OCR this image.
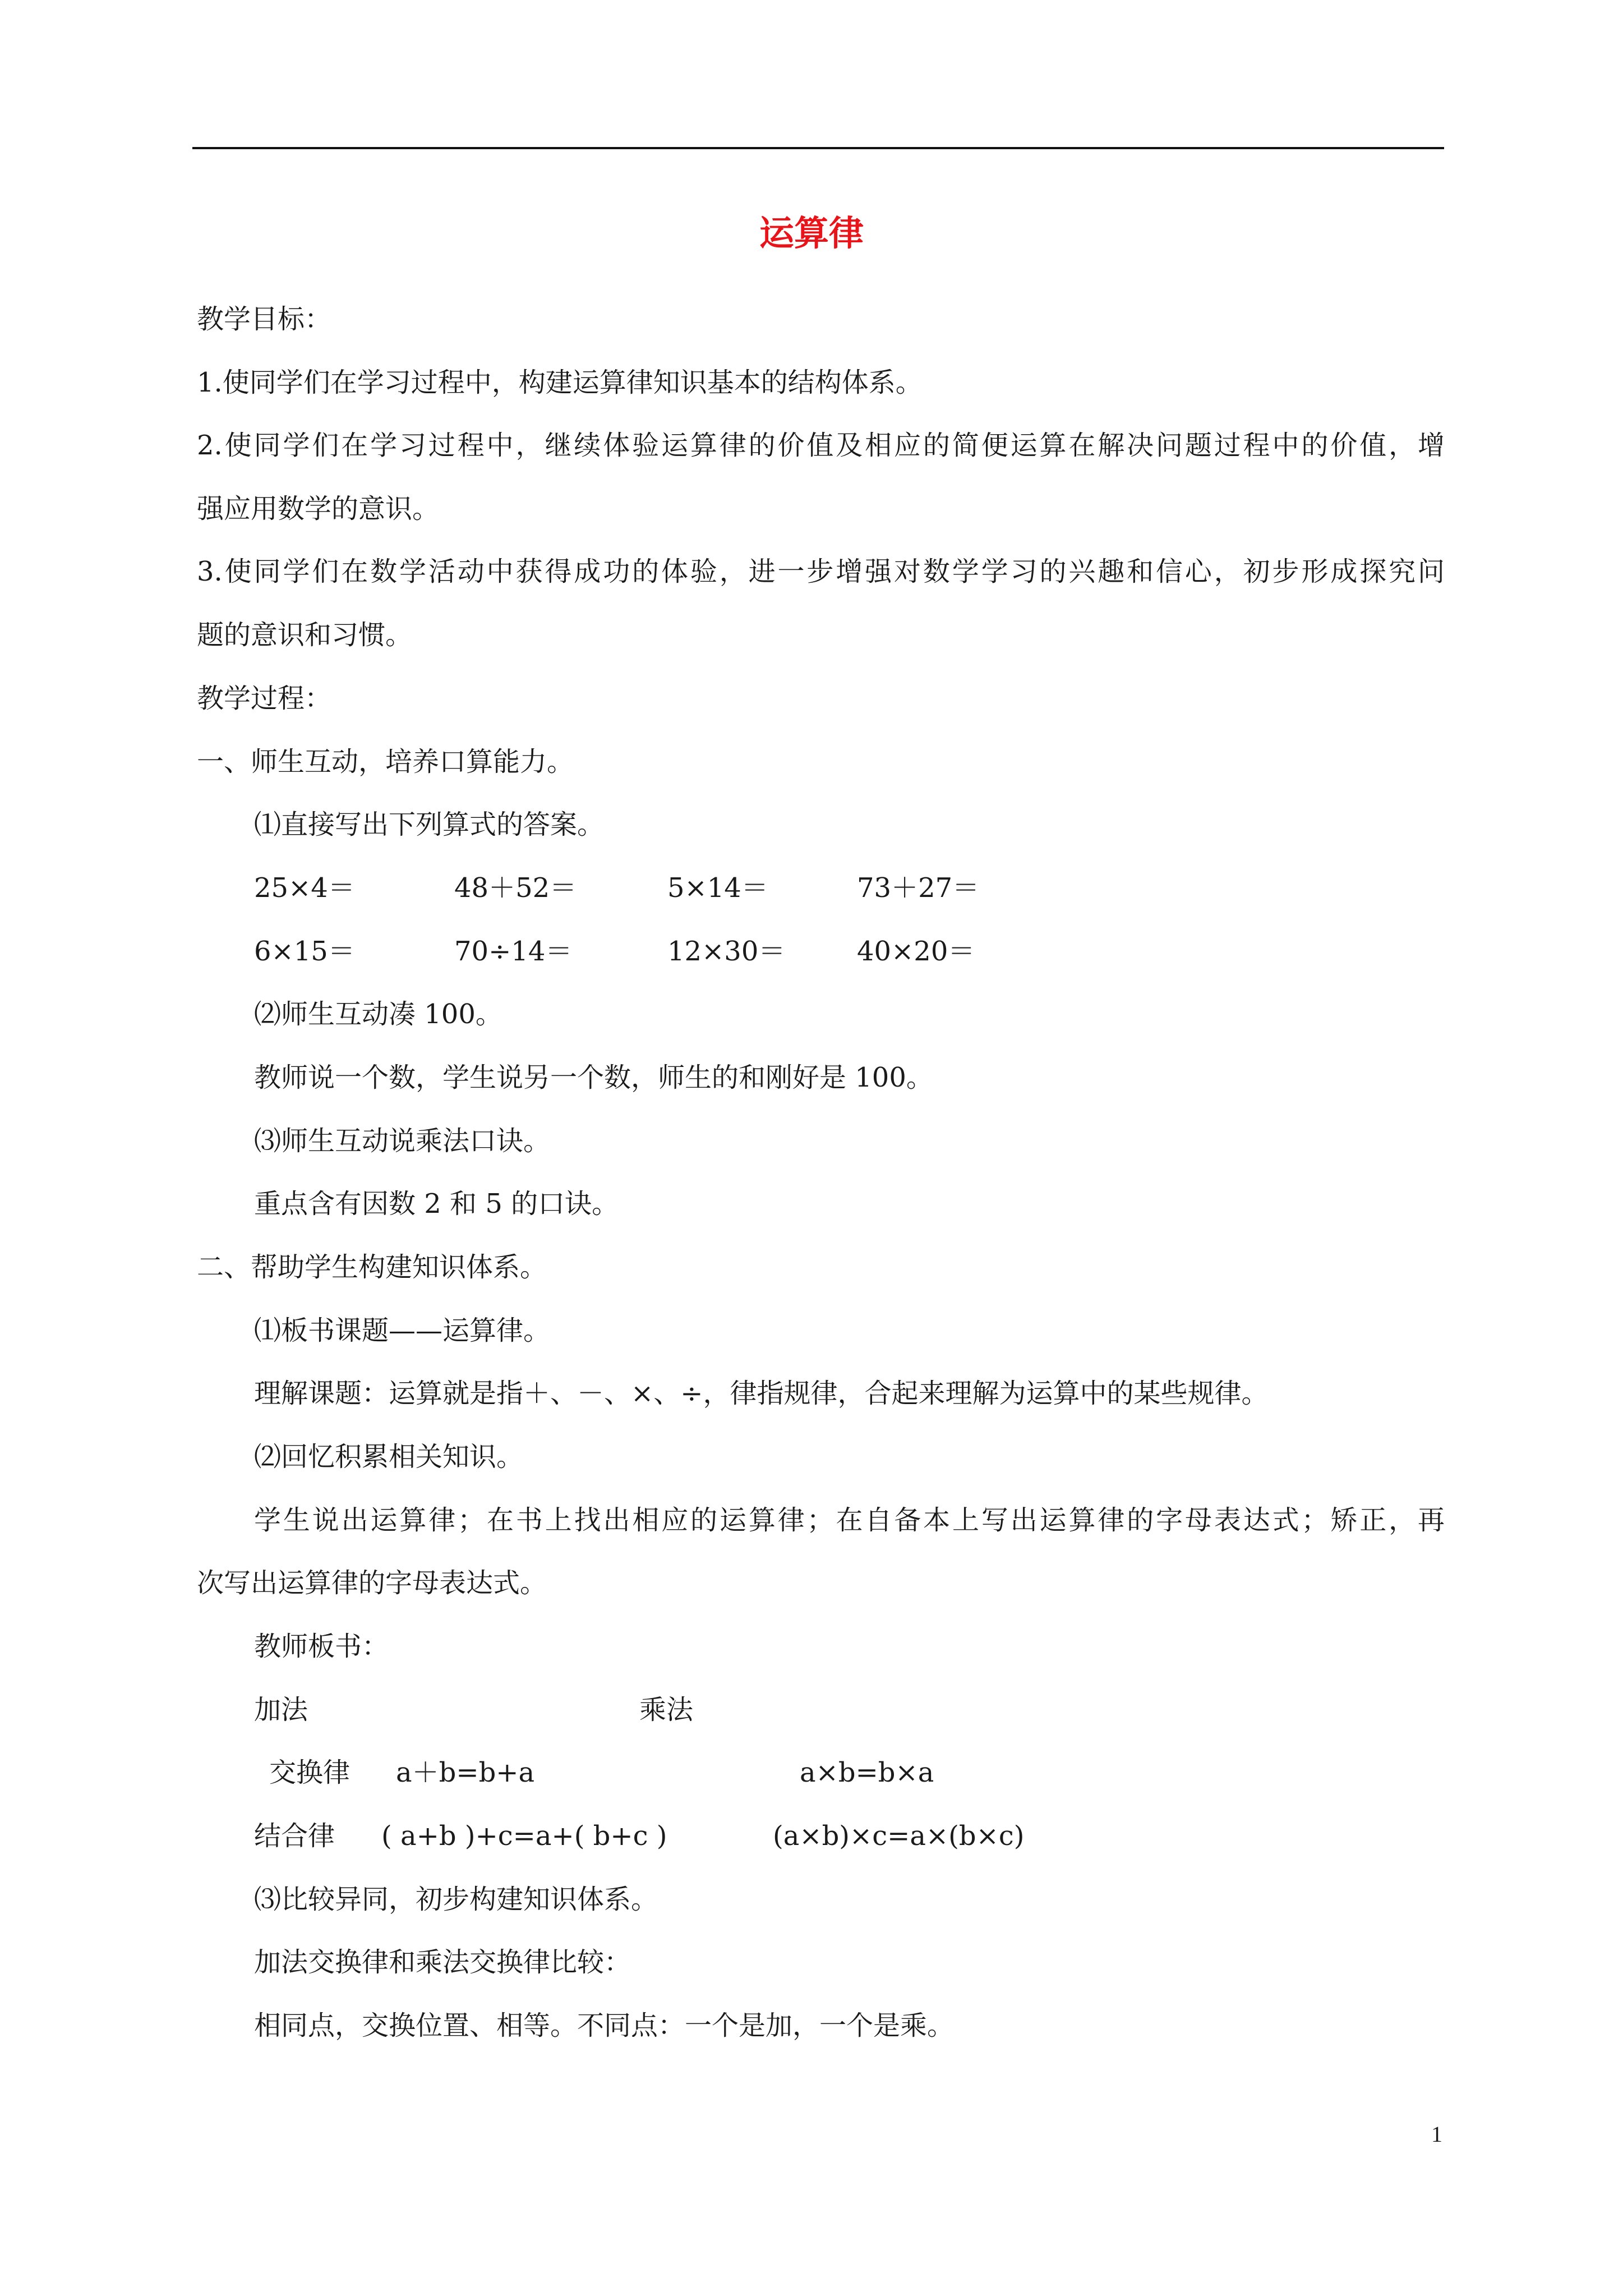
运算律
教学目标：
1.使同学们在学习过程中，构建运算律知识基本的结构体系。
2.使同学们在学习过程中，继续体验运算律的价值及相应的简便运算在解决问题过程中的价值，增
强应用数学的意识。
3.使同学们在数学活动中获得成功的体验，进一步增强对数学学习的兴趣和信心，初步形成探究问
题的意识和习惯。
教学过程：
一、师生互动，培养口算能力。
⑴直接写出下列算式的答案。
25×4＝	48＋52＝	5×14＝	73＋27＝
6×15＝	70÷14＝	12×30＝	40×20＝
⑵师生互动凑 100。
教师说一个数，学生说另一个数，师生的和刚好是 100。
⑶师生互动说乘法口诀。
重点含有因数 2 和 5 的口诀。
二、帮助学生构建知识体系。
⑴板书课题——运算律。
理解课题：运算就是指＋、－、×、÷，律指规律，合起来理解为运算中的某些规律。
⑵回忆积累相关知识。
学生说出运算律；在书上找出相应的运算律；在自备本上写出运算律的字母表达式；矫正，再
次写出运算律的字母表达式。
教师板书：
加法	乘法
交换律 a＋b=b+a	a×b=b×a
结合律 ( a+b )+c=a+( b+c )	(a×b)×c=a×(b×c)
⑶比较异同，初步构建知识体系。
加法交换律和乘法交换律比较：
相同点，交换位置、相等。不同点：一个是加，一个是乘。
1
